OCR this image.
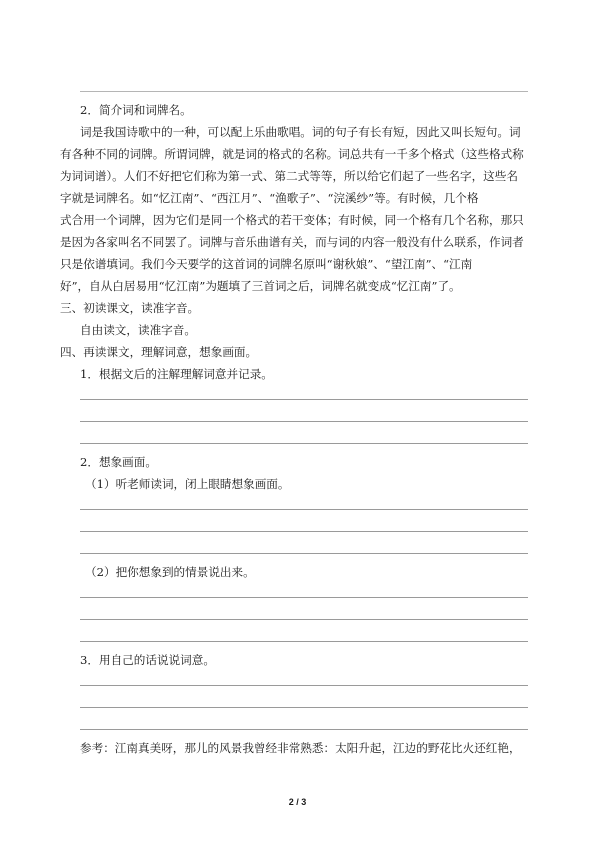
2．简介词和词牌名。
词是我国诗歌中的一种，可以配上乐曲歌唱。词的句子有长有短，因此又叫长短句。词
有各种不同的词牌。所谓词牌，就是词的格式的名称。词总共有一千多个格式（这些格式称
为词词谱）。人们不好把它们称为第一式、第二式等等，所以给它们起了一些名字，这些名
字就是词牌名。如“忆江南”、“西江月”、“渔歌子”、“浣溪纱”等。有时候，几个格
式合用一个词牌，因为它们是同一个格式的若干变体；有时候，同一个格有几个名称，那只
是因为各家叫名不同罢了。词牌与音乐曲谱有关，而与词的内容一般没有什么联系，作词者
只是依谱填词。我们今天要学的这首词的词牌名原叫“谢秋娘”、“望江南”、“江南
好”，自从白居易用“忆江南”为题填了三首词之后，词牌名就变成“忆江南”了。
三、初读课文，读准字音。
自由读文，读准字音。
四、再读课文，理解词意，想象画面。
1．根据文后的注解理解词意并记录。
2．想象画面。
（1）听老师读词，闭上眼睛想象画面。
（2）把你想象到的情景说出来。
3．用自己的话说说词意。
参考：江南真美呀，那儿的风景我曾经非常熟悉：太阳升起，江边的野花比火还红艳，
2 / 3
